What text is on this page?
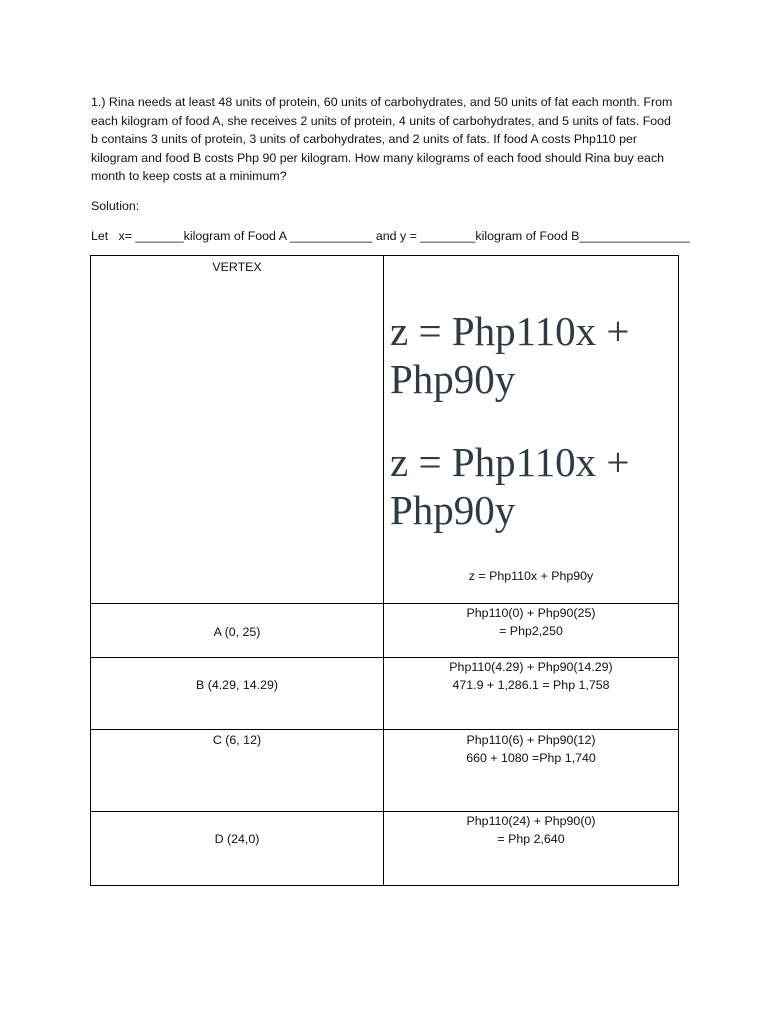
1.) Rina needs at least 48 units of protein, 60 units of carbohydrates, and 50 units of fat each month. From each kilogram of food A, she receives 2 units of protein, 4 units of carbohydrates, and 5 units of fats. Food b contains 3 units of protein, 3 units of carbohydrates, and 2 units of fats. If food A costs Php110 per kilogram and food B costs Php 90 per kilogram. How many kilograms of each food should Rina buy each month to keep costs at a minimum?

Solution:

Let   x= _______kilogram of Food A ____________ and y = ________kilogram of Food B________________

VERTEX	z = Php110x + Php90y
z = Php110x + Php90y
z = Php110x + Php90y

A (0, 25)	Php110(0) + Php90(25)
= Php2,250

B (4.29, 14.29)	Php110(4.29) + Php90(14.29)
471.9 + 1,286.1 = Php 1,758

C (6, 12)	Php110(6) + Php90(12)
660 + 1080 =Php 1,740

D (24,0)	Php110(24) + Php90(0)
= Php 2,640
